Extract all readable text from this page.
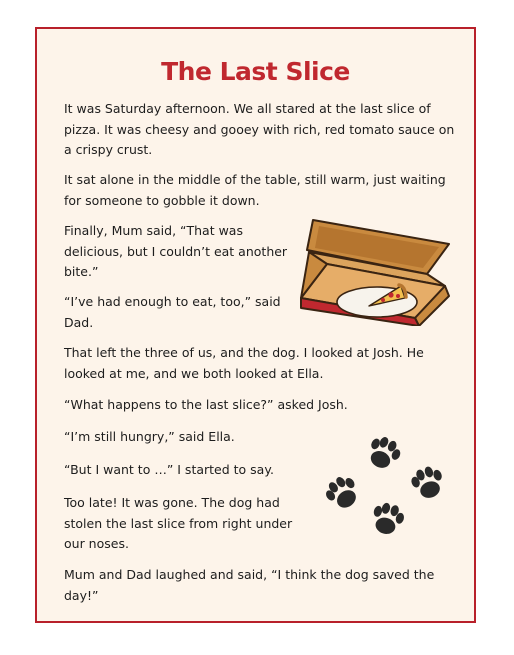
The Last Slice

It was Saturday afternoon. We all stared at the last slice of pizza. It was cheesy and gooey with rich, red tomato sauce on a crispy crust.

It sat alone in the middle of the table, still warm, just waiting for someone to gobble it down.

Finally, Mum said, “That was delicious, but I couldn’t eat another bite.”

“I’ve had enough to eat, too,” said Dad.

That left the three of us, and the dog. I looked at Josh. He looked at me, and we both looked at Ella.

“What happens to the last slice?” asked Josh.

“I’m still hungry,” said Ella.

“But I want to …” I started to say.

Too late! It was gone. The dog had stolen the last slice from right under our noses.

Mum and Dad laughed and said, “I think the dog saved the day!”
